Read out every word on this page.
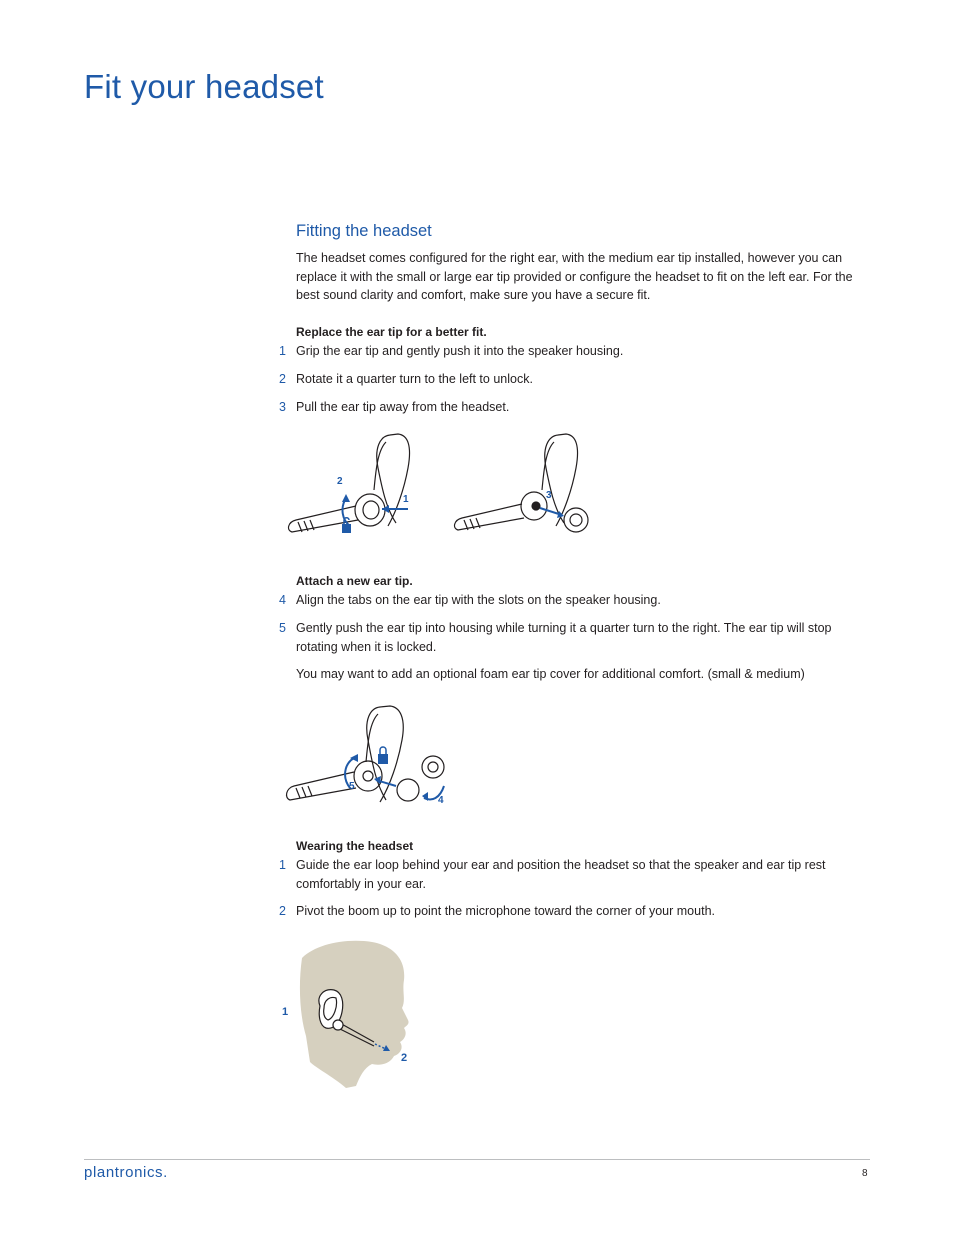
Fit your headset
Fitting the headset

The headset comes configured for the right ear, with the medium ear tip installed, however you can replace it with the small or large ear tip provided or configure the headset to fit on the left ear. For the best sound clarity and comfort, make sure you have a secure fit.

Replace the ear tip for a better fit.

1 Grip the ear tip and gently push it into the speaker housing.
2 Rotate it a quarter turn to the left to unlock.
3 Pull the ear tip away from the headset.
2
1	3

Attach a new ear tip.

4 Align the tabs on the ear tip with the slots on the speaker housing.
5 Gently push the ear tip into housing while turning it a quarter turn to the right. The ear tip will stop rotating when it is locked.

You may want to add an optional foam ear tip cover for additional comfort. (small & medium)

5
4

Wearing the headset

1 Guide the ear loop behind your ear and position the headset so that the speaker and ear tip rest comfortably in your ear.
2 Pivot the boom up to point the microphone toward the corner of your mouth.
1
2
plantronics.	8
